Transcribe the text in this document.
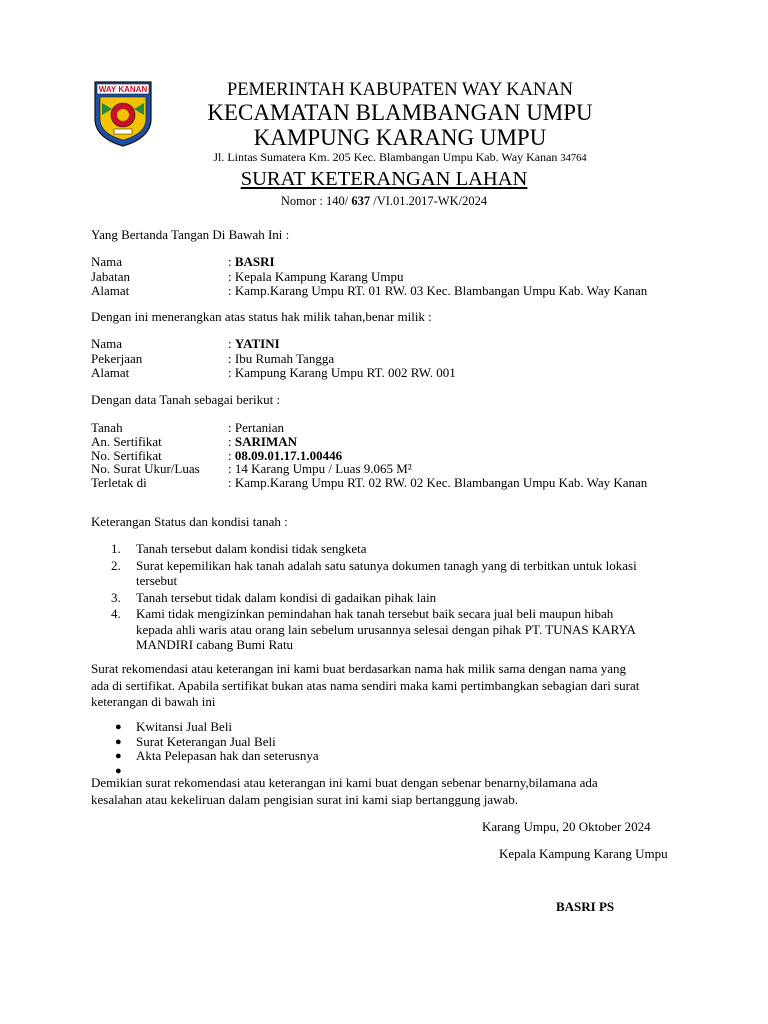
WAY KANAN	PEMERINTAH KABUPATEN WAY KANAN
KECAMATAN BLAMBANGAN UMPU
KAMPUNG KARANG UMPU
Jl. Lintas Sumatera Km. 205 Kec. Blambangan Umpu Kab. Way Kanan 34764
SURAT KETERANGAN LAHAN
Nomor : 140/ 637 /VI.01.2017-WK/2024
Yang Bertanda Tangan Di Bawah Ini :
Nama	: BASRI
Jabatan	: Kepala Kampung Karang Umpu
Alamat	: Kamp.Karang Umpu RT. 01 RW. 03 Kec. Blambangan Umpu Kab. Way Kanan
Dengan ini menerangkan atas status hak milik tahan,benar milik :
Nama	: YATINI
Pekerjaan	: Ibu Rumah Tangga
Alamat	: Kampung Karang Umpu RT. 002 RW. 001
Dengan data Tanah sebagai berikut :
Tanah	: Pertanian
An. Sertifikat	: SARIMAN
No. Sertifikat	: 08.09.01.17.1.00446
No. Surat Ukur/Luas : 14 Karang Umpu / Luas 9.065 M²
Terletak di	: Kamp.Karang Umpu RT. 02 RW. 02 Kec. Blambangan Umpu Kab. Way Kanan
Keterangan Status dan kondisi tanah :
1. Tanah tersebut dalam kondisi tidak sengketa
2. Surat kepemilikan hak tanah adalah satu satunya dokumen tanagh yang di terbitkan untuk lokasi
tersebut
3. Tanah tersebut tidak dalam kondisi di gadaikan pihak lain
4. Kami tidak mengizinkan pemindahan hak tanah tersebut baik secara jual beli maupun hibah
kepada ahli waris atau orang lain sebelum urusannya selesai dengan pihak PT. TUNAS KARYA
MANDIRI cabang Bumi Ratu
Surat rekomendasi atau keterangan ini kami buat berdasarkan nama hak milik sama dengan nama yang
ada di sertifikat. Apabila sertifikat bukan atas nama sendiri maka kami pertimbangkan sebagian dari surat
keterangan di bawah ini
● Kwitansi Jual Beli
● Surat Keterangan Jual Beli
● Akta Pelepasan hak dan seterusnya
●
Demikian surat rekomendasi atau keterangan ini kami buat dengan sebenar benarny,bilamana ada
kesalahan atau kekeliruan dalam pengisian surat ini kami siap bertanggung jawab.
Karang Umpu, 20 Oktober 2024
Kepala Kampung Karang Umpu
BASRI PS
